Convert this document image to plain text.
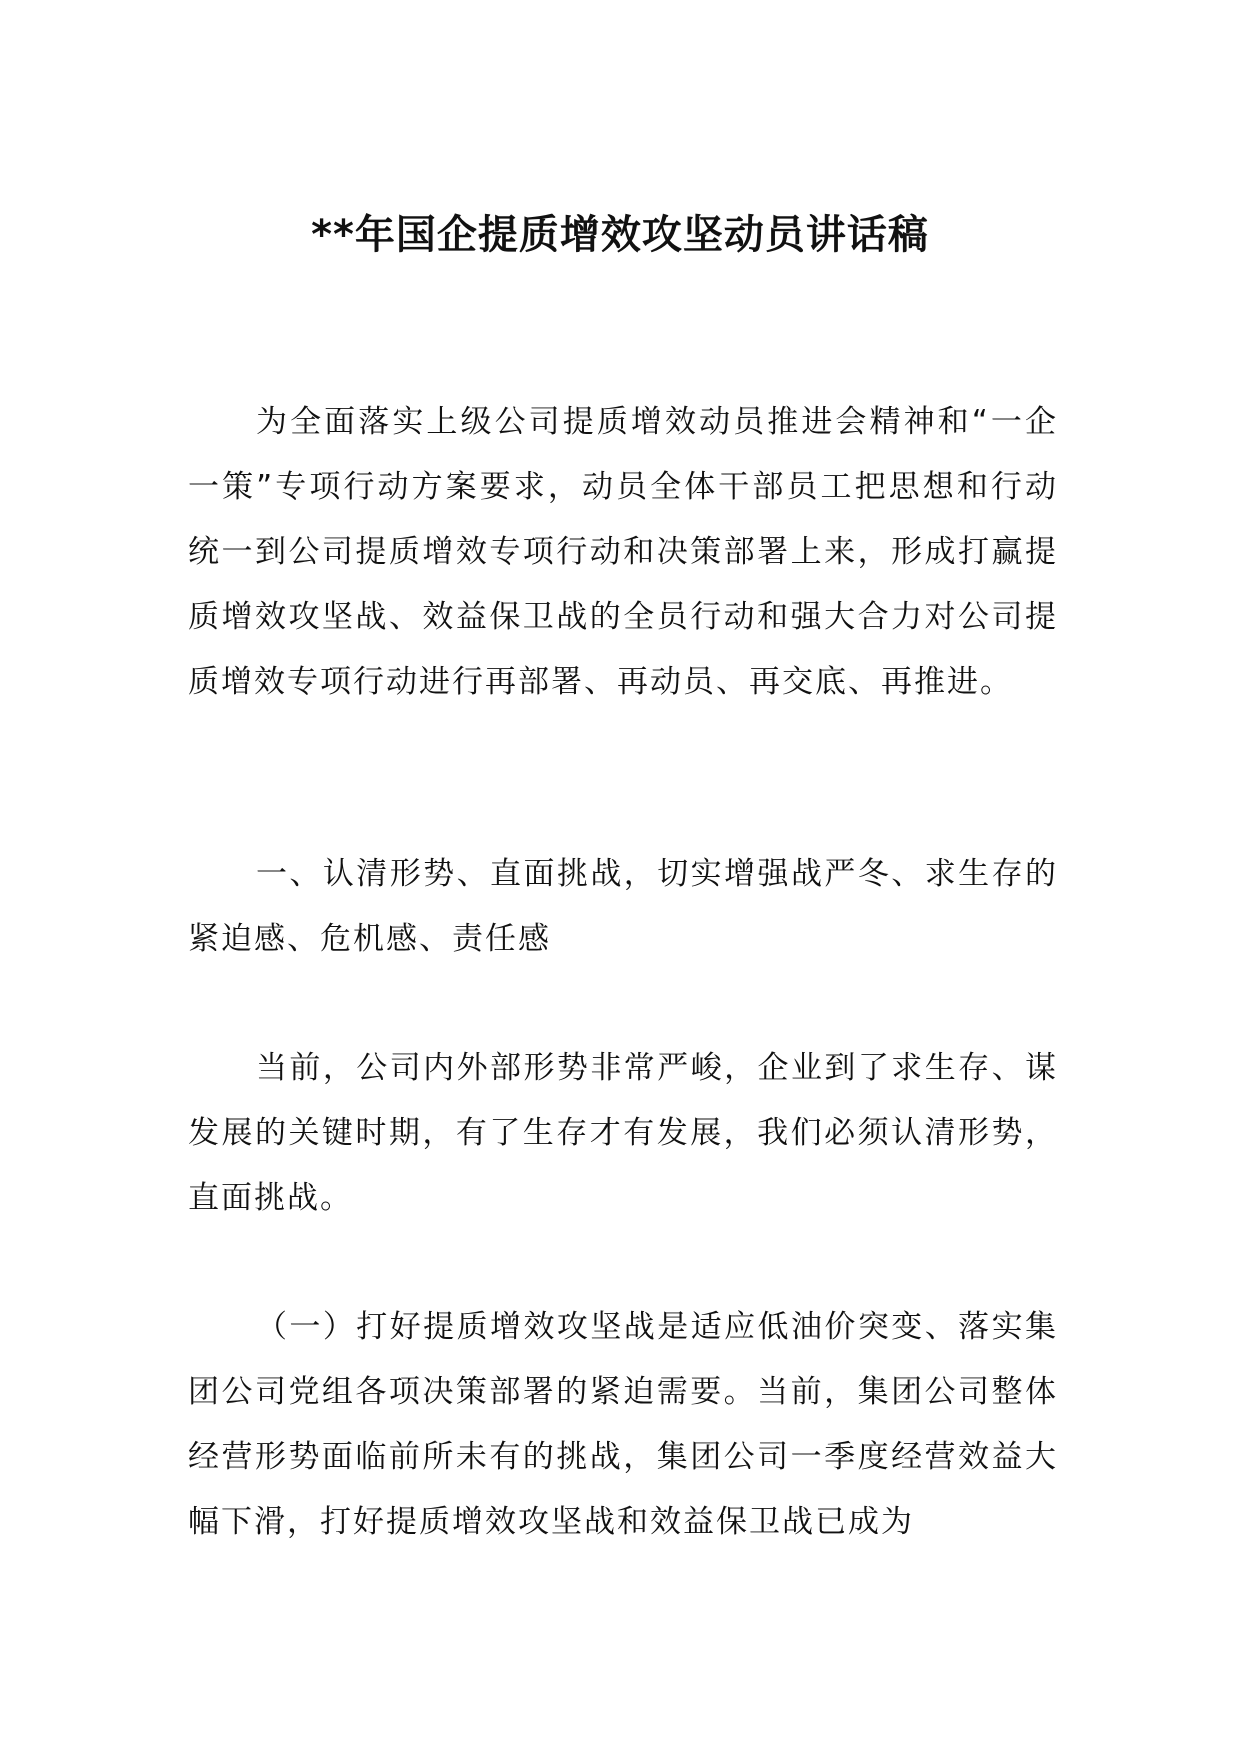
**年国企提质增效攻坚动员讲话稿

为全面落实上级公司提质增效动员推进会精神和“一企一策”专项行动方案要求，动员全体干部员工把思想和行动统一到公司提质增效专项行动和决策部署上来，形成打赢提质增效攻坚战、效益保卫战的全员行动和强大合力对公司提质增效专项行动进行再部署、再动员、再交底、再推进。

一、认清形势、直面挑战，切实增强战严冬、求生存的紧迫感、危机感、责任感

当前，公司内外部形势非常严峻，企业到了求生存、谋发展的关键时期，有了生存才有发展，我们必须认清形势，直面挑战。

（一）打好提质增效攻坚战是适应低油价突变、落实集团公司党组各项决策部署的紧迫需要。当前，集团公司整体经营形势面临前所未有的挑战，集团公司一季度经营效益大幅下滑，打好提质增效攻坚战和效益保卫战已成为
